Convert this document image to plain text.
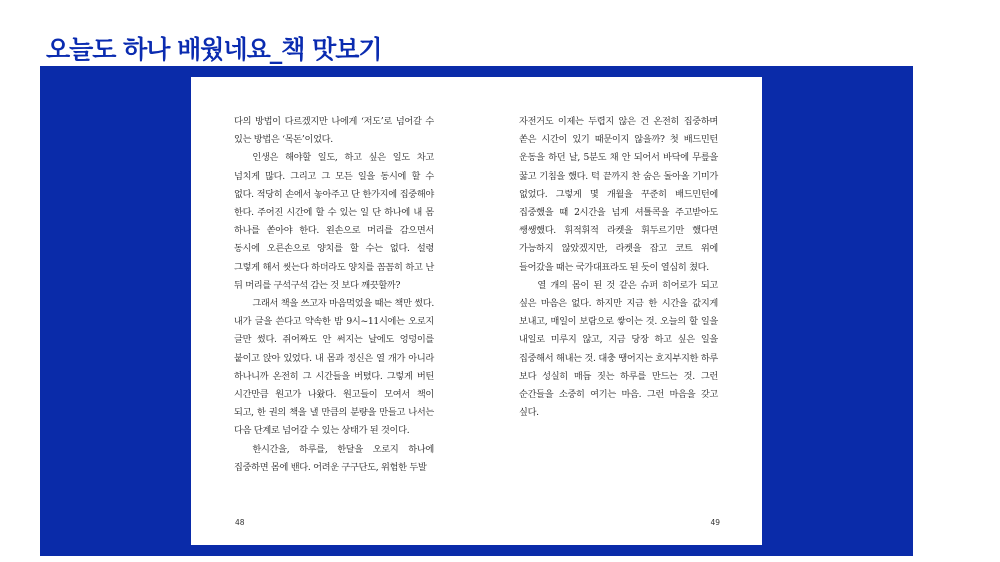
오늘도 하나 배웠네요_책 맛보기

다의 방법이 다르겠지만 나에게 ‘저도’로 넘어갈 수 있는 방법은 ‘목돈’이었다.

인생은 해야할 일도, 하고 싶은 일도 차고 넘치게 많다. 그리고 그 모든 일을 동시에 할 수 없다. 적당히 손에서 놓아주고 단 한가지에 집중해야 한다. 주어진 시간에 할 수 있는 일 단 하나에 내 몸 하나를 쏟아야 한다. 왼손으로 머리를 감으면서 동시에 오른손으로 양치를 할 수는 없다. 설령 그렇게 해서 씻는다 하더라도 양치를 꼼꼼히 하고 난 뒤 머리를 구석구석 감는 것 보다 깨끗할까?

그래서 책을 쓰고자 마음먹었을 때는 책만 썼다. 내가 글을 쓴다고 약속한 밤 9시~11시에는 오로지 글만 썼다. 쥐어짜도 안 써지는 날에도 엉덩이를 붙이고 앉아 있었다. 내 몸과 정신은 열 개가 아니라 하나니까 온전히 그 시간들을 버텼다. 그렇게 버틴 시간만큼 원고가 나왔다. 원고들이 모여서 책이 되고, 한 권의 책을 낼 만큼의 분량을 만들고 나서는 다음 단계로 넘어갈 수 있는 상태가 된 것이다.

한시간을, 하루를, 한달을 오로지 하나에 집중하면 몸에 밴다. 어려운 구구단도, 위험한 두발

48

자전거도 이제는 두렵지 않은 건 온전히 집중하며 쏟은 시간이 있기 때문이지 않을까? 첫 배드민턴 운동을 하던 날, 5분도 채 안 되어서 바닥에 무릎을 꿇고 기침을 했다. 턱 끝까지 찬 숨은 돌아올 기미가 없었다. 그렇게 몇 개월을 꾸준히 배드민턴에 집중했을 때 2시간을 넘게 셔틀콕을 주고받아도 쌩쌩했다. 휘적휘적 라켓을 휘두르기만 했다면 가능하지 않았겠지만, 라켓을 잡고 코트 위에 들어갔을 때는 국가대표라도 된 듯이 열심히 쳤다.

열 개의 몸이 된 것 같은 슈퍼 히어로가 되고 싶은 마음은 없다. 하지만 지금 한 시간을 값지게 보내고, 매일이 보람으로 쌓이는 것. 오늘의 할 일을 내일로 미루지 않고, 지금 당장 하고 싶은 일을 집중해서 해내는 것. 대충 땡어지는 흐지부지한 하루 보다 성실히 매듭 짓는 하루를 만드는 것. 그런 순간들을 소중히 여기는 마음. 그런 마음을 갖고 싶다.

49
